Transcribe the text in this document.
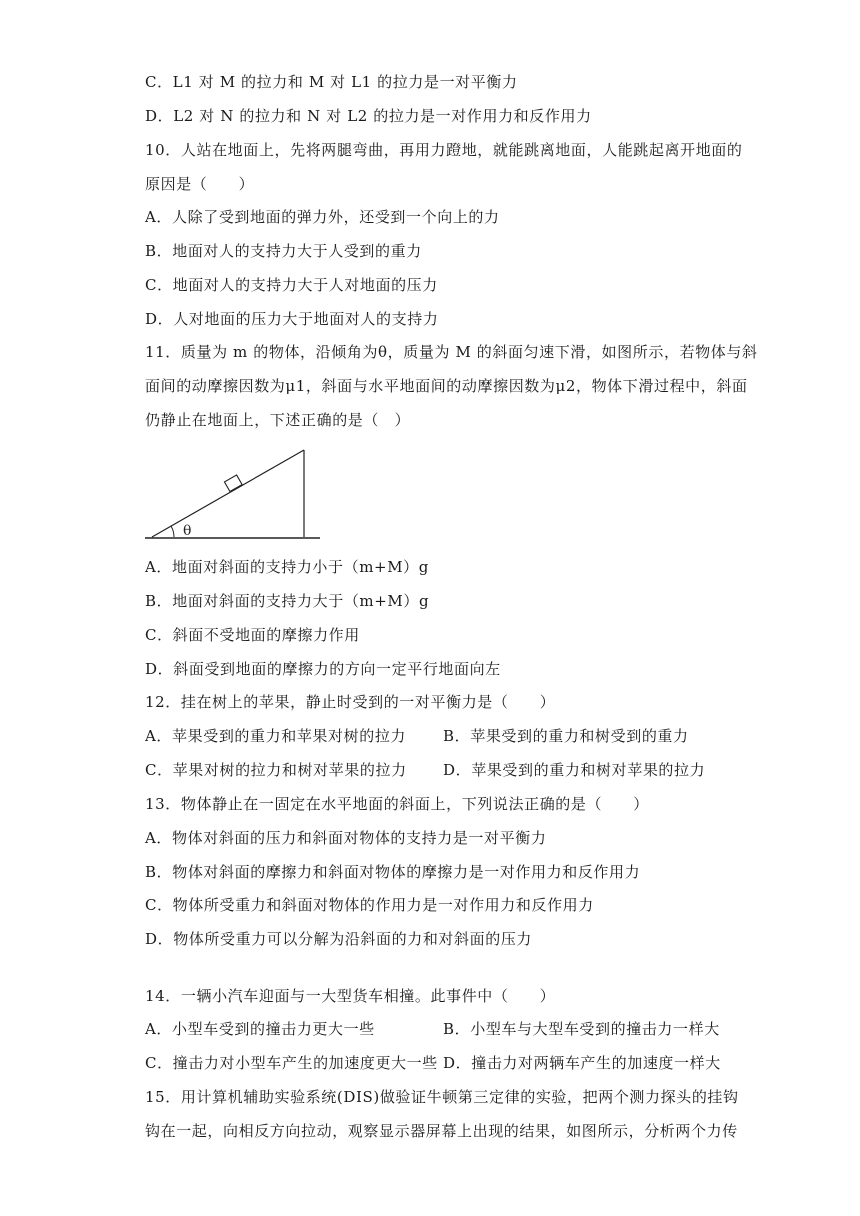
C．L1 对 M 的拉力和 M 对 L1 的拉力是一对平衡力
D．L2 对 N 的拉力和 N 对 L2 的拉力是一对作用力和反作用力
10．人站在地面上，先将两腿弯曲，再用力蹬地，就能跳离地面，人能跳起离开地面的
原因是（　　）
A．人除了受到地面的弹力外，还受到一个向上的力
B．地面对人的支持力大于人受到的重力
C．地面对人的支持力大于人对地面的压力
D．人对地面的压力大于地面对人的支持力
11．质量为 m 的物体，沿倾角为θ，质量为 M 的斜面匀速下滑，如图所示，若物体与斜
面间的动摩擦因数为μ1，斜面与水平地面间的动摩擦因数为μ2，物体下滑过程中，斜面
仍静止在地面上，下述正确的是（　）
θ
A．地面对斜面的支持力小于（m+M）g
B．地面对斜面的支持力大于（m+M）g
C．斜面不受地面的摩擦力作用
D．斜面受到地面的摩擦力的方向一定平行地面向左
12．挂在树上的苹果，静止时受到的一对平衡力是（　　）
A．苹果受到的重力和苹果对树的拉力 B．苹果受到的重力和树受到的重力
C．苹果对树的拉力和树对苹果的拉力 D．苹果受到的重力和树对苹果的拉力
13．物体静止在一固定在水平地面的斜面上，下列说法正确的是（　　）
A．物体对斜面的压力和斜面对物体的支持力是一对平衡力
B．物体对斜面的摩擦力和斜面对物体的摩擦力是一对作用力和反作用力
C．物体所受重力和斜面对物体的作用力是一对作用力和反作用力
D．物体所受重力可以分解为沿斜面的力和对斜面的压力
14．一辆小汽车迎面与一大型货车相撞。此事件中（　　）
A．小型车受到的撞击力更大一些	B．小型车与大型车受到的撞击力一样大
C．撞击力对小型车产生的加速度更大一些 D．撞击力对两辆车产生的加速度一样大
15．用计算机辅助实验系统(DIS)做验证牛顿第三定律的实验，把两个测力探头的挂钩
钩在一起，向相反方向拉动，观察显示器屏幕上出现的结果，如图所示，分析两个力传
